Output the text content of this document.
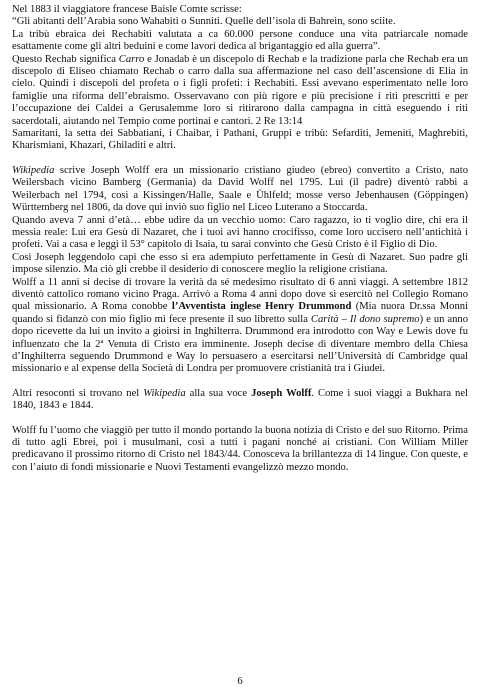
Nel 1883 il viaggiatore francese Baisle Comte scrisse:

“Gli abitanti dell’Arabia sono Wahabiti o Sunniti. Quelle dell’isola di Bahrein, sono sciite.

La tribù ebraica dei Rechabiti valutata a ca 60.000 persone conduce una vita patriarcale nomade esattamente come gli altri beduini e come lavori dedica al brigantaggio ed alla guerra”.

Questo Rechab significa Carro e Jonadab è un discepolo di Rechab e la tradizione parla che Rechab era un discepolo di Eliseo chiamato Rechab o carro dalla sua affermazione nel caso dell’ascensione di Elia in cielo. Quindi i discepoli del profeta o i figli profeti: i Rechabiti. Essi avevano esperimentato nelle loro famiglie una riforma dell’ebraismo. Osservavano con più rigore e più precisione i riti prescritti e per l’occupazione dei Caldei a Gerusalemme loro si ritirarono dalla campagna in città eseguendo i riti sacerdotali, aiutando nel Tempio come portinai e cantori. 2 Re 13:14

Samaritani, la setta dei Sabbatiani, i Chaibar, i Pathani, Gruppi e tribù: Sefarditi, Jemeniti, Maghrebiti, Kharismiani, Khazari, Ghiladiti e altri.

Wikipedia scrive Joseph Wolff era un missionario cristiano giudeo (ebreo) convertito a Cristo, nato Weilersbach vicino Bamberg (Germania) da David Wolff nel 1795. Lui (il padre) diventò rabbi a Weilerbach nel 1794, così a Kissingen/Halle, Saale e Ühlfeld; mosse verso Jebenhausen (Göppingen) Württemberg nel 1806, da dove qui inviò suo figlio nel Liceo Luterano a Stoccarda.

Quando aveva 7 anni d’età… ebbe udire da un vecchio uomo: Caro ragazzo, io ti voglio dire, chi era il messia reale: Lui era Gesù di Nazaret, che i tuoi avi hanno crocifisso, come loro uccisero nell’antichità i profeti. Vai a casa e leggi il 53° capitolo di Isaia, tu sarai convinto che Gesù Cristo è il Figlio di Dio.

Così Joseph leggendolo capì che esso si era adempiuto perfettamente in Gesù di Nazaret. Suo padre gli impose silenzio. Ma ciò gli crebbe il desiderio di conoscere meglio la religione cristiana.

Wolff a 11 anni si decise di trovare la verità da sé medesimo risultato di 6 anni viaggi. A settembre 1812 diventò cattolico romano vicino Praga. Arrivò a Roma 4 anni dopo dove si esercitò nel Collegio Romano qual missionario. A Roma conobbe l’Avventista inglese Henry Drummond (Mia nuora Dr.ssa Monni quando si fidanzò con mio figlio mi fece presente il suo libretto sulla Carità – Il dono supremo) e un anno dopo ricevette da lui un invito a gioirsi in Inghilterra. Drummond era introdotto con Way e Lewis dove fu influenzato che la 2ª Venuta di Cristo era imminente. Joseph decise di diventare membro della Chiesa d’Inghilterra seguendo Drummond e Way lo persuasero a esercitarsi nell’Università di Cambridge qual missionario e al expense della Società di Londra per promuovere cristianità tra i Giudei.

Altri resoconti si trovano nel Wikipedia alla sua voce Joseph Wolff. Come i suoi viaggi a Bukhara nel 1840, 1843 e 1844.

Wolff fu l’uomo che viaggiò per tutto il mondo portando la buona notizia di Cristo e del suo Ritorno. Prima di tutto agli Ebrei, poi i musulmani, così a tutti i pagani nonché ai cristiani. Con William Miller predicavano il prossimo ritorno di Cristo nel 1843/44. Conosceva la brillantezza di 14 lingue. Con queste, e con l’aiuto di fondi missionarie e Nuovi Testamenti evangelizzò mezzo mondo.

6
